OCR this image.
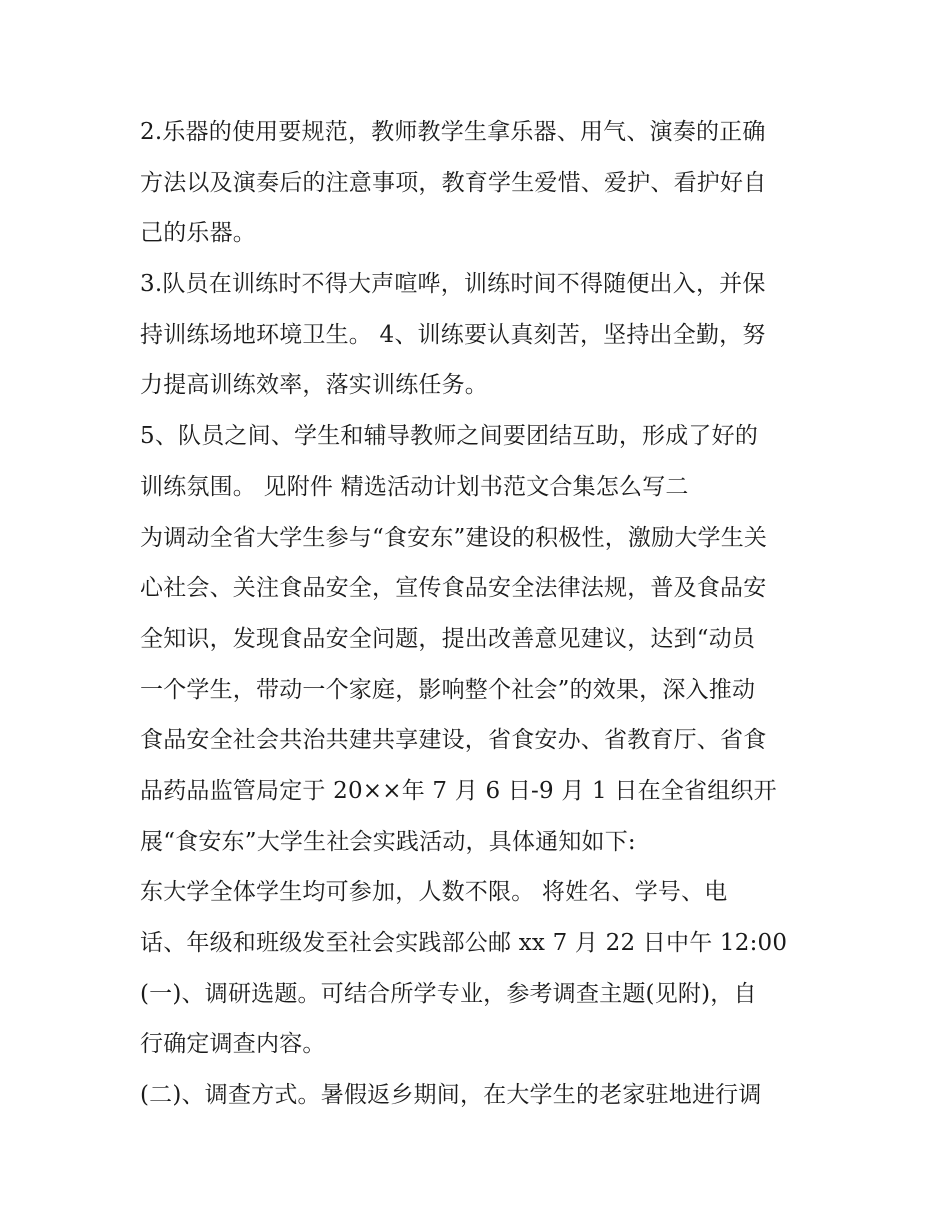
2.乐器的使用要规范，教师教学生拿乐器、用气、演奏的正确
方法以及演奏后的注意事项，教育学生爱惜、爱护、看护好自
己的乐器。
3.队员在训练时不得大声喧哗，训练时间不得随便出入，并保
持训练场地环境卫生。 4、训练要认真刻苦，坚持出全勤，努
力提高训练效率，落实训练任务。
5、队员之间、学生和辅导教师之间要团结互助，形成了好的
训练氛围。 见附件 精选活动计划书范文合集怎么写二
为调动全省大学生参与“食安东”建设的积极性，激励大学生关
心社会、关注食品安全，宣传食品安全法律法规，普及食品安
全知识，发现食品安全问题，提出改善意见建议，达到“动员
一个学生，带动一个家庭，影响整个社会”的效果，深入推动
食品安全社会共治共建共享建设，省食安办、省教育厅、省食
品药品监管局定于 20××年 7 月 6 日-9 月 1 日在全省组织开
展“食安东”大学生社会实践活动，具体通知如下:
东大学全体学生均可参加，人数不限。 将姓名、学号、电
话、年级和班级发至社会实践部公邮 xx 7 月 22 日中午 12:00
(一)、调研选题。可结合所学专业，参考调查主题(见附)，自
行确定调查内容。
(二)、调查方式。暑假返乡期间，在大学生的老家驻地进行调
